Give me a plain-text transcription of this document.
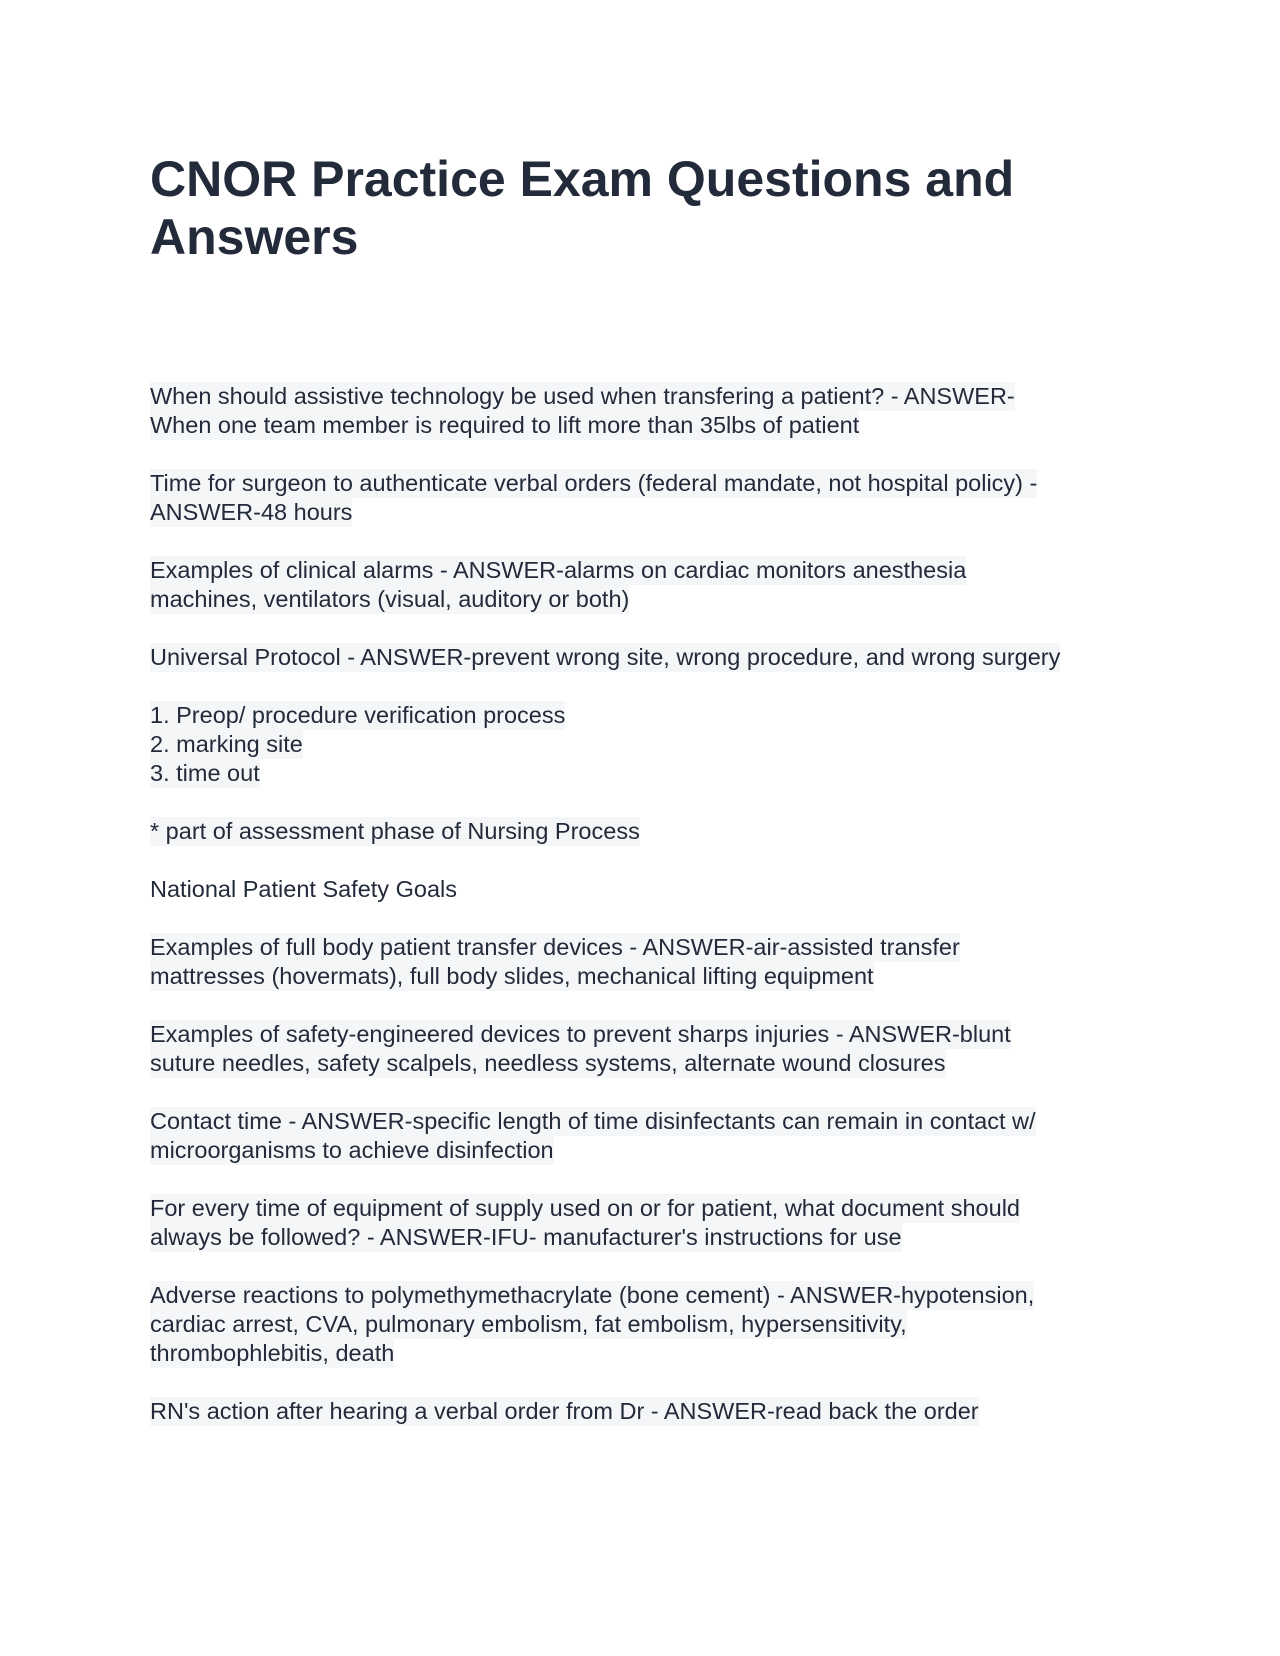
CNOR Practice Exam Questions and
Answers
When should assistive technology be used when transfering a patient? - ANSWER-
When one team member is required to lift more than 35lbs of patient
Time for surgeon to authenticate verbal orders (federal mandate, not hospital policy) -
ANSWER-48 hours
Examples of clinical alarms - ANSWER-alarms on cardiac monitors anesthesia
machines, ventilators (visual, auditory or both)
Universal Protocol - ANSWER-prevent wrong site, wrong procedure, and wrong surgery
1. Preop/ procedure verification process
2. marking site
3. time out
* part of assessment phase of Nursing Process
National Patient Safety Goals
Examples of full body patient transfer devices - ANSWER-air-assisted transfer
mattresses (hovermats), full body slides, mechanical lifting equipment
Examples of safety-engineered devices to prevent sharps injuries - ANSWER-blunt
suture needles, safety scalpels, needless systems, alternate wound closures
Contact time - ANSWER-specific length of time disinfectants can remain in contact w/
microorganisms to achieve disinfection
For every time of equipment of supply used on or for patient, what document should
always be followed? - ANSWER-IFU- manufacturer's instructions for use
Adverse reactions to polymethymethacrylate (bone cement) - ANSWER-hypotension,
cardiac arrest, CVA, pulmonary embolism, fat embolism, hypersensitivity,
thrombophlebitis, death
RN's action after hearing a verbal order from Dr - ANSWER-read back the order
